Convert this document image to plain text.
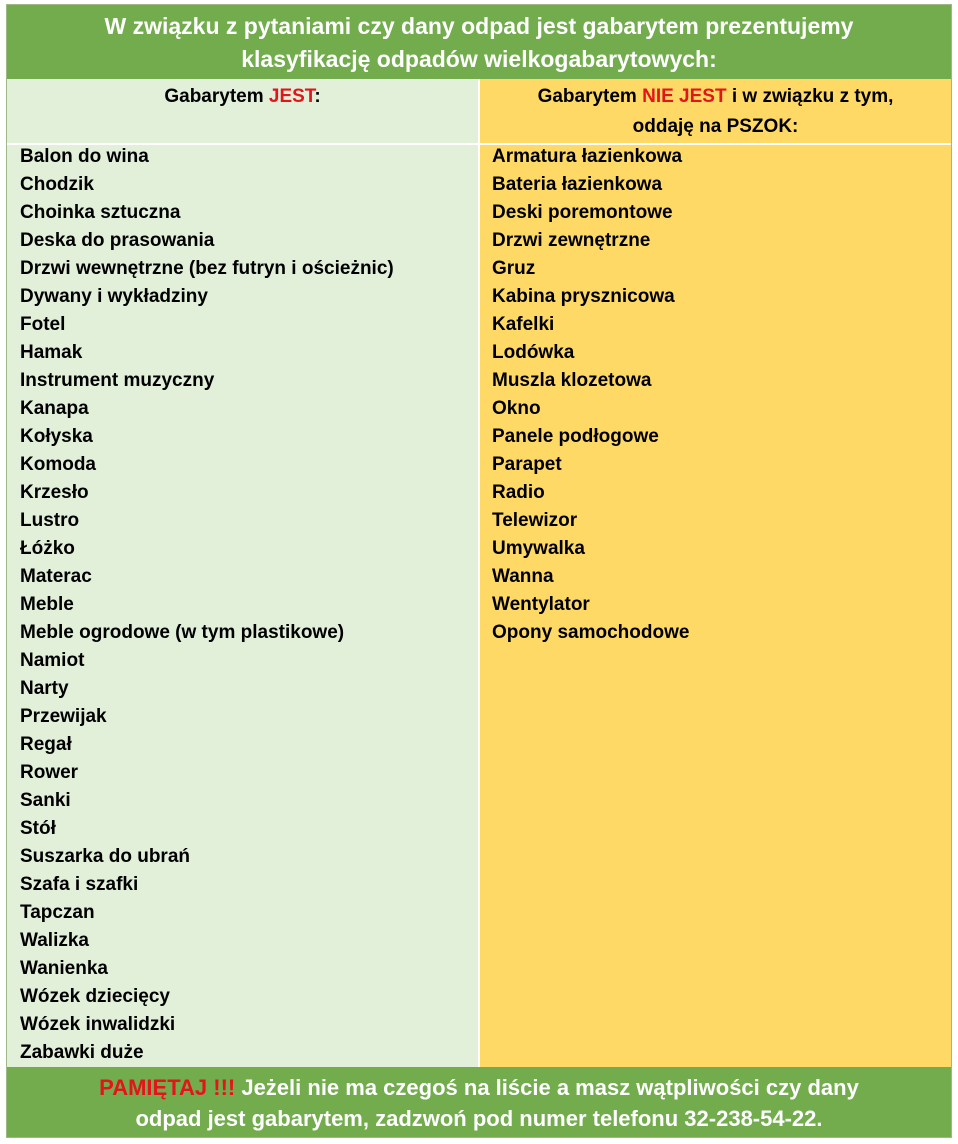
W związku z pytaniami czy dany odpad jest gabarytem prezentujemy
klasyfikację odpadów wielkogabarytowych:
Gabarytem JEST:	Gabarytem NIE JEST i w związku z tym,
oddaję na PSZOK:
Balon do wina
Chodzik
Choinka sztuczna
Deska do prasowania
Drzwi wewnętrzne (bez futryn i ościeżnic)
Dywany i wykładziny
Fotel
Hamak
Instrument muzyczny
Kanapa
Kołyska
Komoda
Krzesło
Lustro
Łóżko
Materac
Meble
Meble ogrodowe (w tym plastikowe)
Namiot
Narty
Przewijak
Regał
Rower
Sanki
Stół
Suszarka do ubrań
Szafa i szafki
Tapczan
Walizka
Wanienka
Wózek dziecięcy
Wózek inwalidzki
Zabawki duże
Armatura łazienkowa
Bateria łazienkowa
Deski poremontowe
Drzwi zewnętrzne
Gruz
Kabina prysznicowa
Kafelki
Lodówka
Muszla klozetowa
Okno
Panele podłogowe
Parapet
Radio
Telewizor
Umywalka
Wanna
Wentylator
Opony samochodowe
PAMIĘTAJ !!! Jeżeli nie ma czegoś na liście a masz wątpliwości czy dany
odpad jest gabarytem, zadzwoń pod numer telefonu 32-238-54-22.
